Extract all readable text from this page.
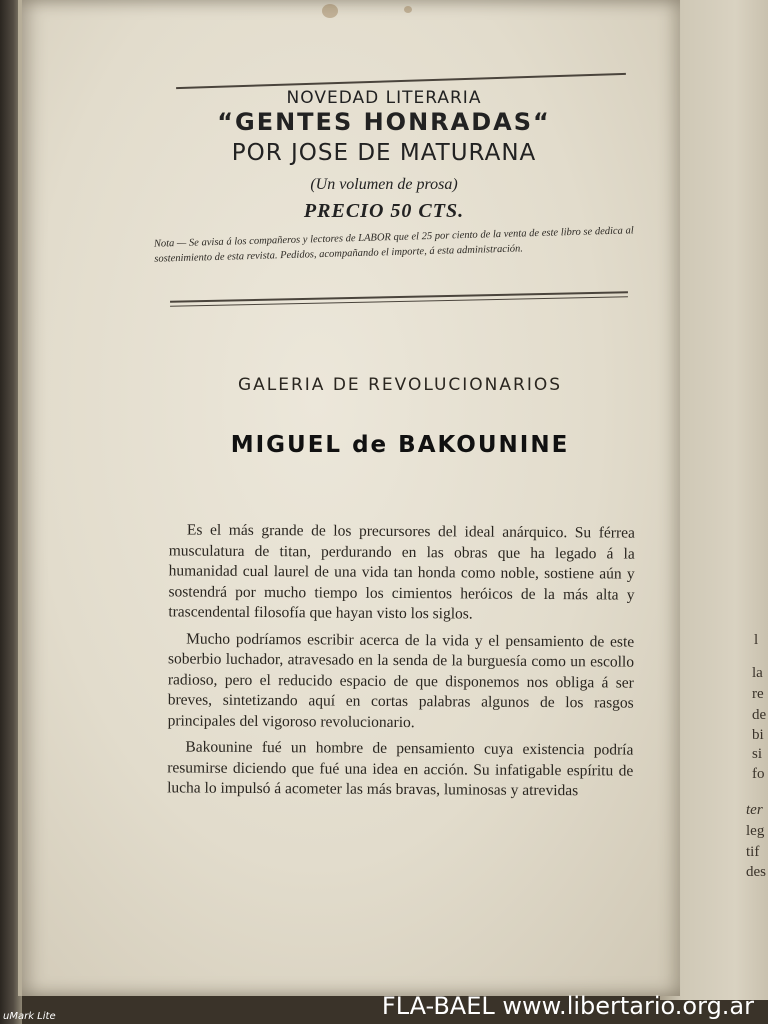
l
la
re
de
bi
si
fo
ter
leg
tif
des
NOVEDAD LITERARIA
“GENTES HONRADAS“
POR JOSE DE MATURANA
(Un volumen de prosa)
PRECIO 50 CTS.
Nota — Se avisa á los compañeros y lectores de LABOR que el 25 por ciento de la venta de este libro se dedica al sostenimiento de esta revista. Pedidos, acompañando el importe, á esta administración.
GALERIA DE REVOLUCIONARIOS
MIGUEL de BAKOUNINE

Es el más grande de los precursores del ideal anárquico. Su férrea musculatura de titan, perdurando en las obras que ha legado á la humanidad cual laurel de una vida tan honda como noble, sostiene aún y sostendrá por mucho tiempo los cimientos heróicos de la más alta y trascendental filosofía que hayan visto los siglos.

Mucho podríamos escribir acerca de la vida y el pensamiento de este soberbio luchador, atravesado en la senda de la burguesía como un escollo radioso, pero el reducido espacio de que disponemos nos obliga á ser breves, sintetizando aquí en cortas palabras algunos de los rasgos principales del vigoroso revolucionario.

Bakounine fué un hombre de pensamiento cuya existencia podría resumirse diciendo que fué una idea en acción. Su infatigable espíritu de lucha lo impulsó á acometer las más bravas, luminosas y atrevidas

FLA-BAEL www.libertario.org.ar
uMark Lite
